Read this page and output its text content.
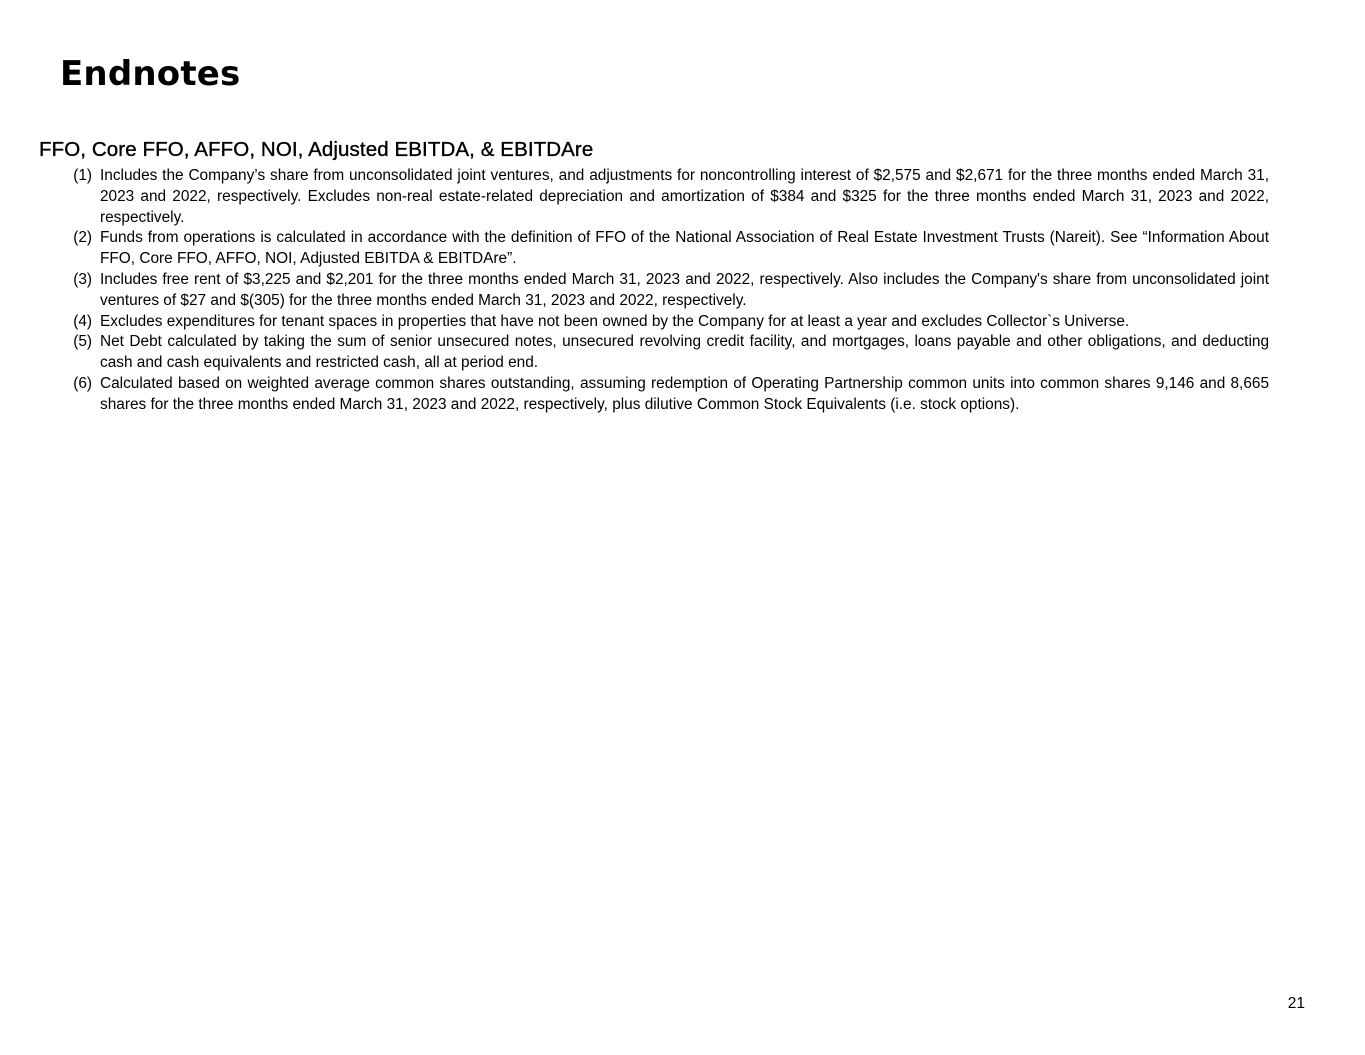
Endnotes
FFO, Core FFO, AFFO, NOI, Adjusted EBITDA, & EBITDAre
(1) Includes the Company’s share from unconsolidated joint ventures, and adjustments for noncontrolling interest of $2,575 and $2,671 for the three months ended March 31, 2023 and 2022, respectively. Excludes non-real estate-related depreciation and amortization of $384 and $325 for the three months ended March 31, 2023 and 2022, respectively.
(2) Funds from operations is calculated in accordance with the definition of FFO of the National Association of Real Estate Investment Trusts (Nareit). See “Information About FFO, Core FFO, AFFO, NOI, Adjusted EBITDA & EBITDAre”.
(3) Includes free rent of $3,225 and $2,201 for the three months ended March 31, 2023 and 2022, respectively. Also includes the Company's share from unconsolidated joint ventures of $27 and $(305) for the three months ended March 31, 2023 and 2022, respectively.
(4) Excludes expenditures for tenant spaces in properties that have not been owned by the Company for at least a year and excludes Collector`s Universe.
(5) Net Debt calculated by taking the sum of senior unsecured notes, unsecured revolving credit facility, and mortgages, loans payable and other obligations, and deducting cash and cash equivalents and restricted cash, all at period end.
(6) Calculated based on weighted average common shares outstanding, assuming redemption of Operating Partnership common units into common shares 9,146 and 8,665 shares for the three months ended March 31, 2023 and 2022, respectively, plus dilutive Common Stock Equivalents (i.e. stock options).
21
